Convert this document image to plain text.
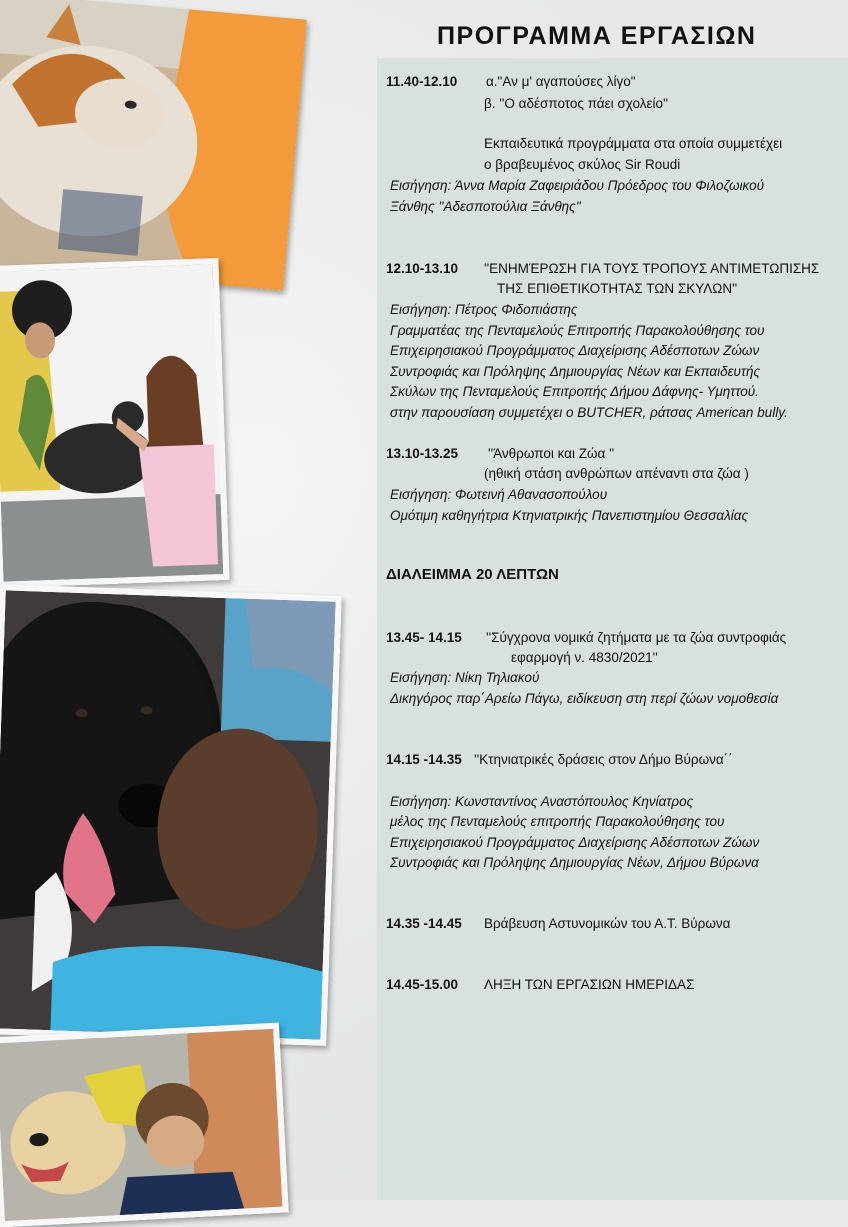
ΠΡΟΓΡΑΜΜΑ ΕΡΓΑΣΙΩΝ
11.40-12.10 α."Αν μ' αγαπούσες λίγο"
β. ''Ο αδέσποτος πάει σχολείο''
Εκπαιδευτικά προγράμματα στα οποία συμμετέχει
ο βραβευμένος σκύλος Sir Roudi
Εισήγηση: Άννα Μαρία Ζαφειριάδου Πρόεδρος του Φιλοζωικού
Ξάνθης ''Αδεσποτούλια Ξάνθης''
12.10-13.10 ''ΕΝΗΜΈΡΩΣΗ ΓΙΑ ΤΟΥΣ ΤΡΟΠΟΥΣ ΑΝΤΙΜΕΤΩΠΙΣΗΣ
ΤΗΣ ΕΠΙΘΕΤΙΚΟΤΗΤΑΣ ΤΩΝ ΣΚΥΛΩΝ''
Εισήγηση: Πέτρος Φιδοπιάστης
Γραμματέας της Πενταμελούς Επιτροπής Παρακολούθησης του
Επιχειρησιακού Προγράμματος Διαχείρισης Αδέσποτων Ζώων
Συντροφιάς και Πρόληψης Δημιουργίας Νέων και Εκπαιδευτής
Σκύλων της Πενταμελούς Επιτροπής Δήμου Δάφνης- Υμηττού.
στην παρουσίαση συμμετέχει ο BUTCHER, ράτσας American bully.
13.10-13.25 ''Άνθρωποι και Ζώα ''
(ηθική στάση ανθρώπων απέναντι στα ζώα )
Εισήγηση: Φωτεινή Αθανασοπούλου
Ομότιμη καθηγήτρια Κτηνιατρικής Πανεπιστημίου Θεσσαλίας
ΔΙΑΛΕΙΜΜΑ 20 ΛΕΠΤΩΝ
13.45- 14.15 ''Σύγχρονα νομικά ζητήματα με τα ζώα συντροφιάς
εφαρμογή ν. 4830/2021''
Εισήγηση: Νίκη Τηλιακού
Δικηγόρος παρ΄Αρείω Πάγω, ειδίκευση στη περί ζώων νομοθεσία
14.15 -14.35 ''Κτηνιατρικές δράσεις στον Δήμο Βύρωνα΄΄
Εισήγηση: Κωνσταντίνος Αναστόπουλος Κηνίατρος
μέλος της Πενταμελούς επιτροπής Παρακολούθησης του
Επιχειρησιακού Προγράμματος Διαχείρισης Αδέσποτων Ζώων
Συντροφιάς και Πρόληψης Δημιουργίας Νέων, Δήμου Βύρωνα
14.35 -14.45 Βράβευση Αστυνομικών του Α.Τ. Βύρωνα
14.45-15.00 ΛΗΞΗ ΤΩΝ ΕΡΓΑΣΙΩΝ ΗΜΕΡΙΔΑΣ
